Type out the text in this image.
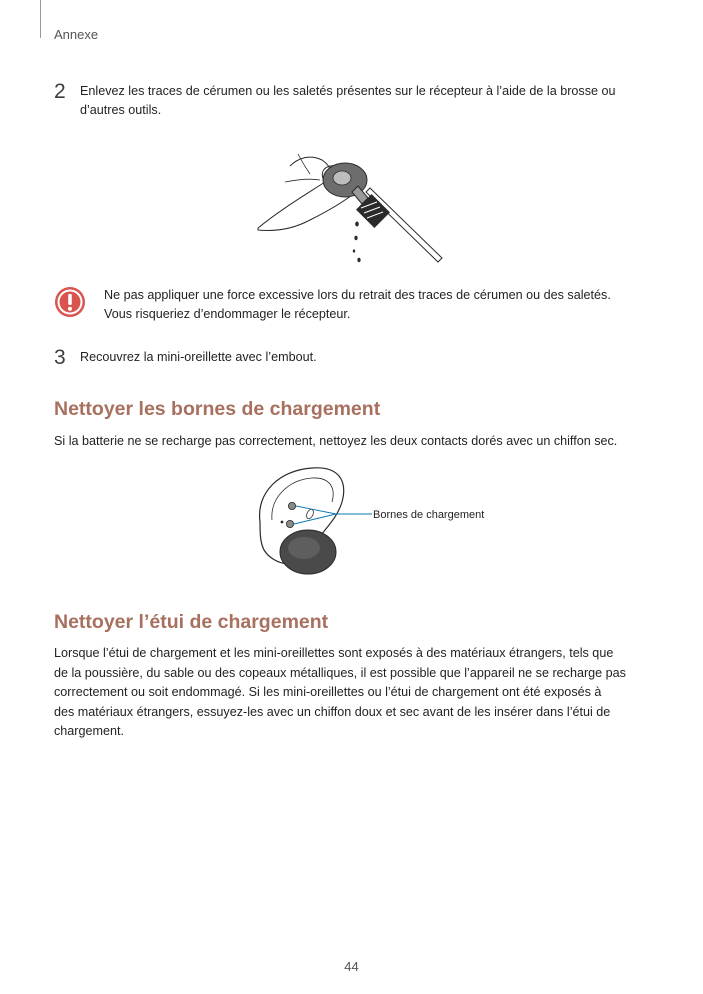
Annexe
2	Enlevez les traces de cérumen ou les saletés présentes sur le récepteur à l’aide de la brosse ou
d’autres outils.
Ne pas appliquer une force excessive lors du retrait des traces de cérumen ou des saletés.
Vous risqueriez d’endommager le récepteur.
3	Recouvrez la mini-oreillette avec l’embout.
Nettoyer les bornes de chargement
Si la batterie ne se recharge pas correctement, nettoyez les deux contacts dorés avec un chiffon sec.
Bornes de chargement
Nettoyer l’étui de chargement
Lorsque l’étui de chargement et les mini-oreillettes sont exposés à des matériaux étrangers, tels que
de la poussière, du sable ou des copeaux métalliques, il est possible que l’appareil ne se recharge pas
correctement ou soit endommagé. Si les mini-oreillettes ou l’étui de chargement ont été exposés à
des matériaux étrangers, essuyez-les avec un chiffon doux et sec avant de les insérer dans l’étui de
chargement.
44
